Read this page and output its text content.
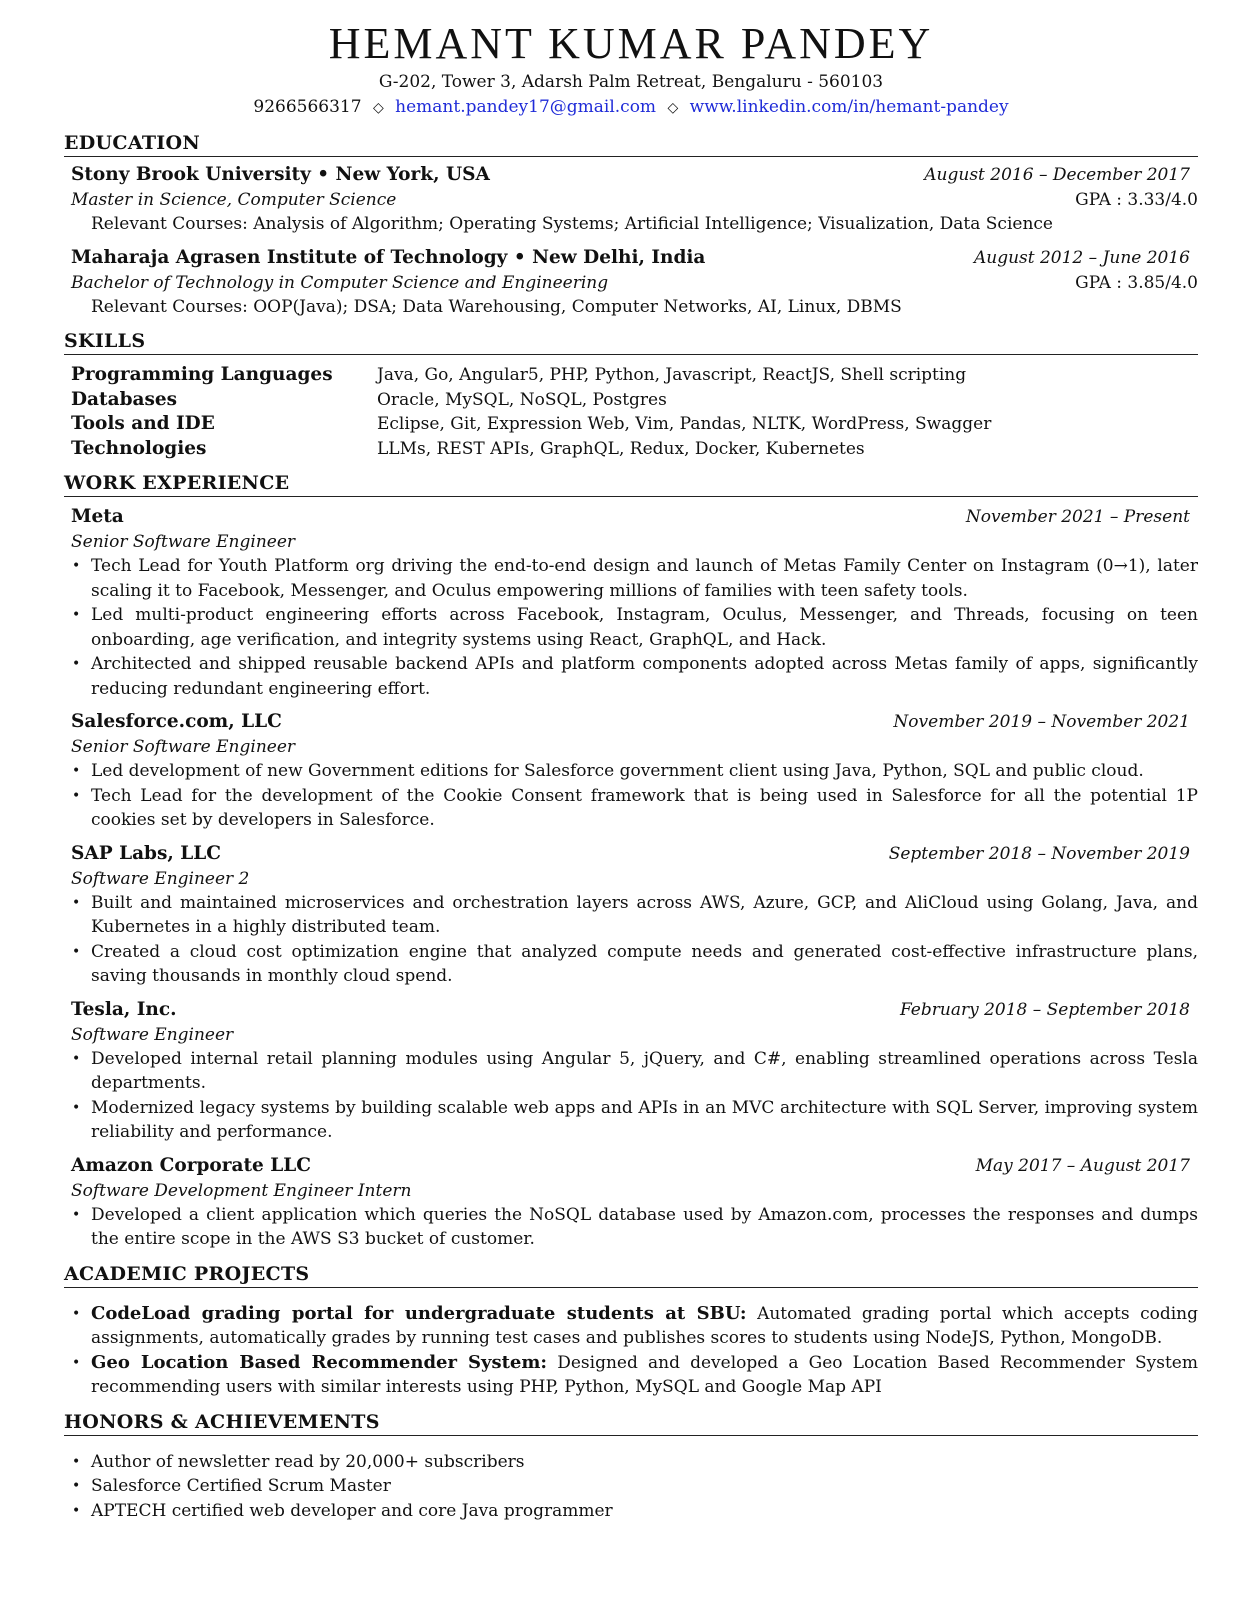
HEMANT KUMAR PANDEY
G-202, Tower 3, Adarsh Palm Retreat, Bengaluru - 560103
9266566317 ◇ hemant.pandey17@gmail.com ◇ www.linkedin.com/in/hemant-pandey
EDUCATION
Stony Brook University • New York, USA	August 2016 – December 2017
Master in Science, Computer Science	GPA : 3.33/4.0
Relevant Courses: Analysis of Algorithm; Operating Systems; Artificial Intelligence; Visualization, Data Science
Maharaja Agrasen Institute of Technology • New Delhi, India	August 2012 – June 2016
Bachelor of Technology in Computer Science and Engineering	GPA : 3.85/4.0
Relevant Courses: OOP(Java); DSA; Data Warehousing, Computer Networks, AI, Linux, DBMS
SKILLS
Programming Languages	Java, Go, Angular5, PHP, Python, Javascript, ReactJS, Shell scripting
Databases	Oracle, MySQL, NoSQL, Postgres
Tools and IDE	Eclipse, Git, Expression Web, Vim, Pandas, NLTK, WordPress, Swagger
Technologies	LLMs, REST APIs, GraphQL, Redux, Docker, Kubernetes
WORK EXPERIENCE
Meta	November 2021 – Present
Senior Software Engineer
• Tech Lead for Youth Platform org driving the end-to-end design and launch of Metas Family Center on Instagram (0→1), later scaling it to Facebook, Messenger, and Oculus empowering millions of families with teen safety tools.
• Led multi-product engineering efforts across Facebook, Instagram, Oculus, Messenger, and Threads, focusing on teen onboarding, age verification, and integrity systems using React, GraphQL, and Hack.
• Architected and shipped reusable backend APIs and platform components adopted across Metas family of apps, significantly reducing redundant engineering effort.
Salesforce.com, LLC	November 2019 – November 2021
Senior Software Engineer
• Led development of new Government editions for Salesforce government client using Java, Python, SQL and public cloud.
• Tech Lead for the development of the Cookie Consent framework that is being used in Salesforce for all the potential 1P cookies set by developers in Salesforce.
SAP Labs, LLC	September 2018 – November 2019
Software Engineer 2
• Built and maintained microservices and orchestration layers across AWS, Azure, GCP, and AliCloud using Golang, Java, and Kubernetes in a highly distributed team.
• Created a cloud cost optimization engine that analyzed compute needs and generated cost-effective infrastructure plans, saving thousands in monthly cloud spend.
Tesla, Inc.	February 2018 – September 2018
Software Engineer
• Developed internal retail planning modules using Angular 5, jQuery, and C#, enabling streamlined operations across Tesla departments.
• Modernized legacy systems by building scalable web apps and APIs in an MVC architecture with SQL Server, improving system reliability and performance.
Amazon Corporate LLC	May 2017 – August 2017
Software Development Engineer Intern
• Developed a client application which queries the NoSQL database used by Amazon.com, processes the responses and dumps the entire scope in the AWS S3 bucket of customer.
ACADEMIC PROJECTS
• CodeLoad grading portal for undergraduate students at SBU: Automated grading portal which accepts coding assignments, automatically grades by running test cases and publishes scores to students using NodeJS, Python, MongoDB.
• Geo Location Based Recommender System: Designed and developed a Geo Location Based Recommender System recommending users with similar interests using PHP, Python, MySQL and Google Map API
HONORS & ACHIEVEMENTS
• Author of newsletter read by 20,000+ subscribers
• Salesforce Certified Scrum Master
• APTECH certified web developer and core Java programmer
